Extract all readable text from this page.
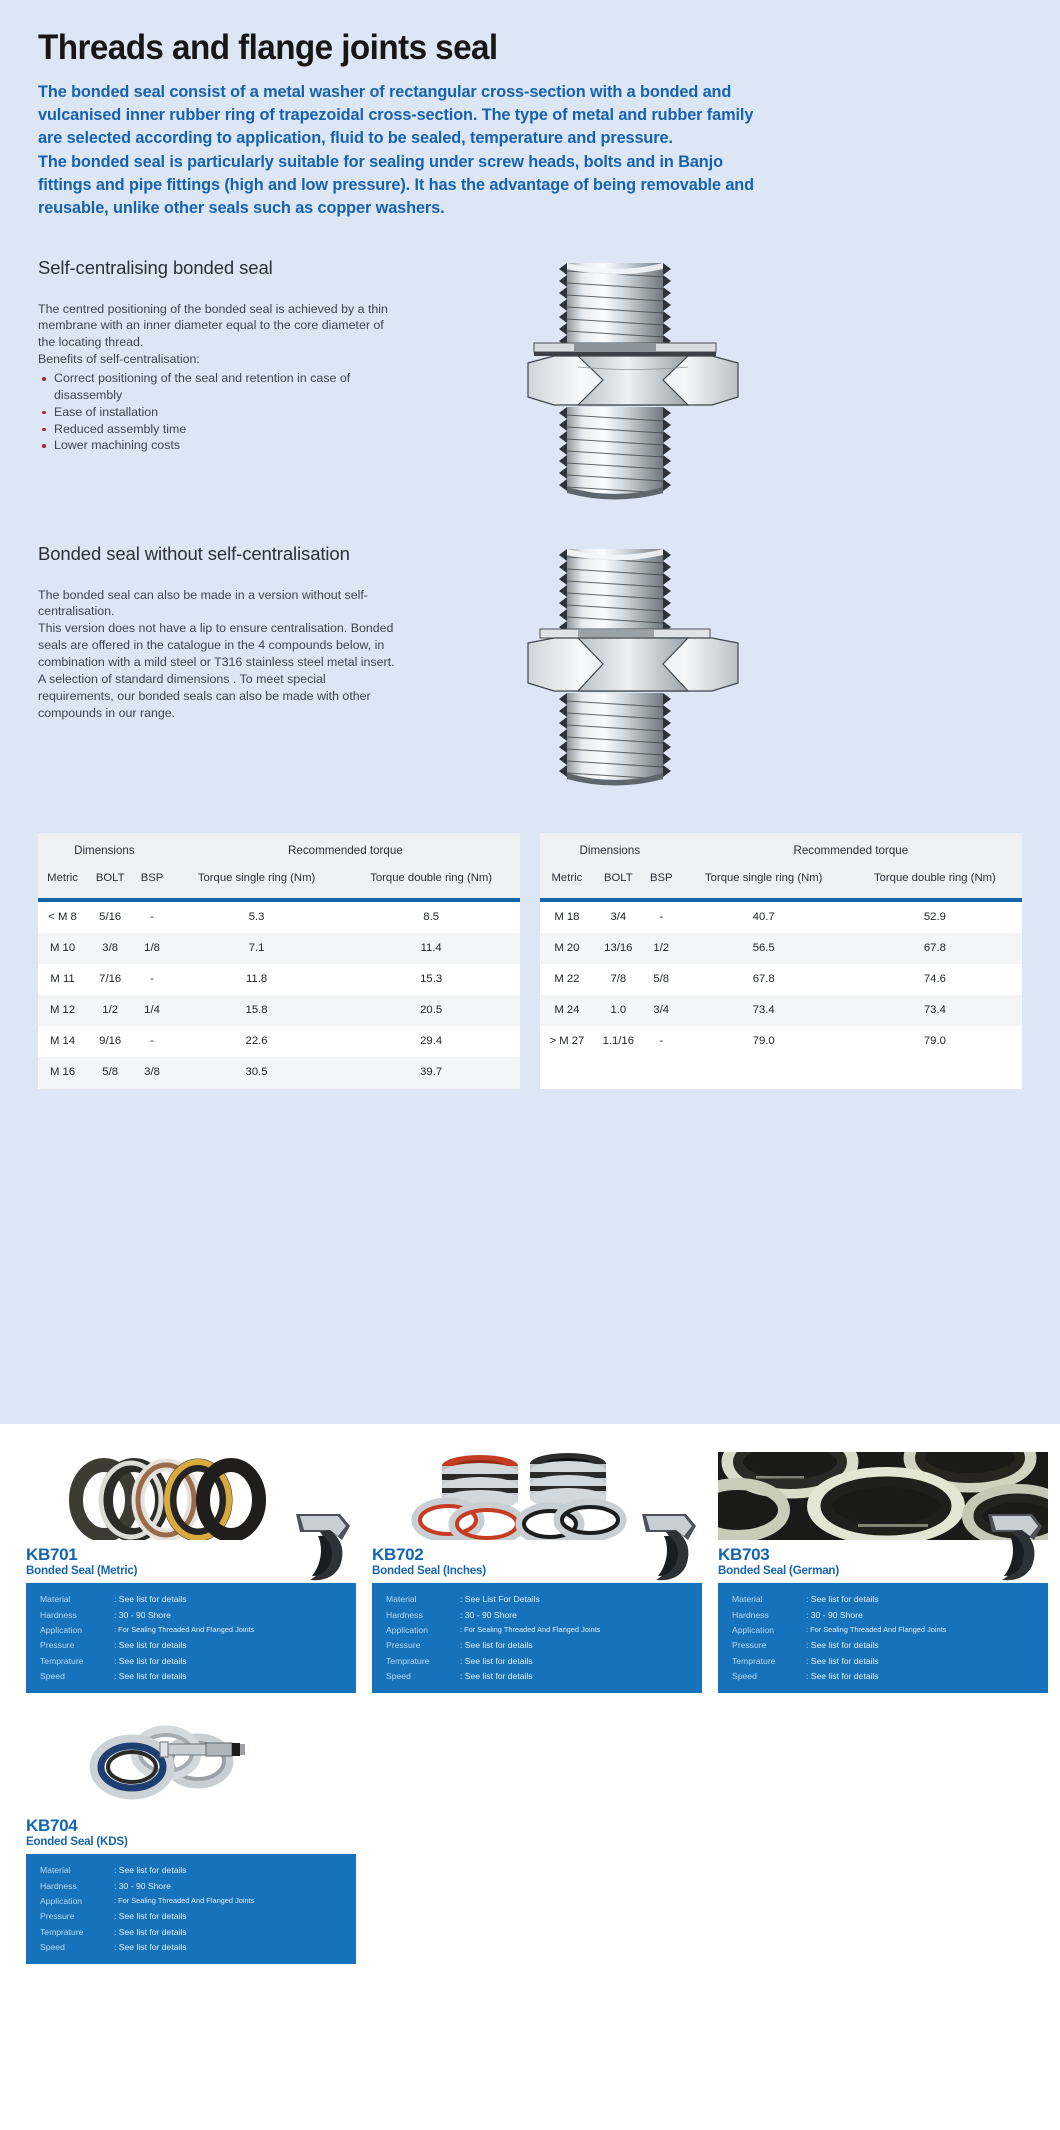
Threads and flange joints seal

The bonded seal consist of a metal washer of rectangular cross-section with a bonded and vulcanised inner rubber ring of trapezoidal cross-section. The type of metal and rubber family are selected according to application, fluid to be sealed, temperature and pressure.

The bonded seal is particularly suitable for sealing under screw heads, bolts and in Banjo fittings and pipe fittings (high and low pressure). It has the advantage of being removable and reusable, unlike other seals such as copper washers.

Self-centralising bonded seal

The centred positioning of the bonded seal is achieved by a thin membrane with an inner diameter equal to the core diameter of the locating thread.

Benefits of self-centralisation:

Correct positioning of the seal and retention in case of disassembly
Ease of installation
Reduced assembly time
Lower machining costs
Bonded seal without self-centralisation

The bonded seal can also be made in a version without self-centralisation.

This version does not have a lip to ensure centralisation. Bonded seals are offered in the catalogue in the 4 compounds below, in combination with a mild steel or T316 stainless steel metal insert. A selection of standard dimensions . To meet special requirements, our bonded seals can also be made with other compounds in our range.

Dimensions			Recommended torque	
Metric	BOLT	BSP	Torque single ring (Nm)	Torque double ring (Nm)
< M 8	5/16	-	5.3	8.5
M 10	3/8	1/8	7.1	11.4
M 11	7/16	-	11.8	15.3
M 12	1/2	1/4	15.8	20.5
M 14	9/16	-	22.6	29.4
M 16	5/8	3/8	30.5	39.7
Dimensions			Recommended torque	
Metric	BOLT	BSP	Torque single ring (Nm)	Torque double ring (Nm)
M 18	3/4	-	40.7	52.9
M 20	13/16	1/2	56.5	67.8
M 22	7/8	5/8	67.8	74.6
M 24	1.0	3/4	73.4	73.4
> M 27	1.1/16	-	79.0	79.0
KB701
Bonded Seal (Metric)
Material	: See list for details
Hardness	: 30 - 90 Shore
Application	: For Sealing Threaded And Flanged Joints
Pressure	: See list for details
Temprature	: See list for details
Speed	: See list for details
KB702
Bonded Seal (Inches)
Material	: See List For Details
Hardness	: 30 - 90 Shore
Application	: For Sealing Threaded And Flanged Joints
Pressure	: See list for details
Temprature	: See list for details
Speed	: See list for details
KB703
Bonded Seal (German)
Material	: See list for details
Hardness	: 30 - 90 Shore
Application	: For Sealing Threaded And Flanged Joints
Pressure	: See list for details
Temprature	: See list for details
Speed	: See list for details
KB704
Eonded Seal (KDS)
Material	: See list for details
Hardness	: 30 - 90 Shore
Application	: For Sealing Threaded And Flanged Joints
Pressure	: See list for details
Temprature	: See list for details
Speed	: See list for details
